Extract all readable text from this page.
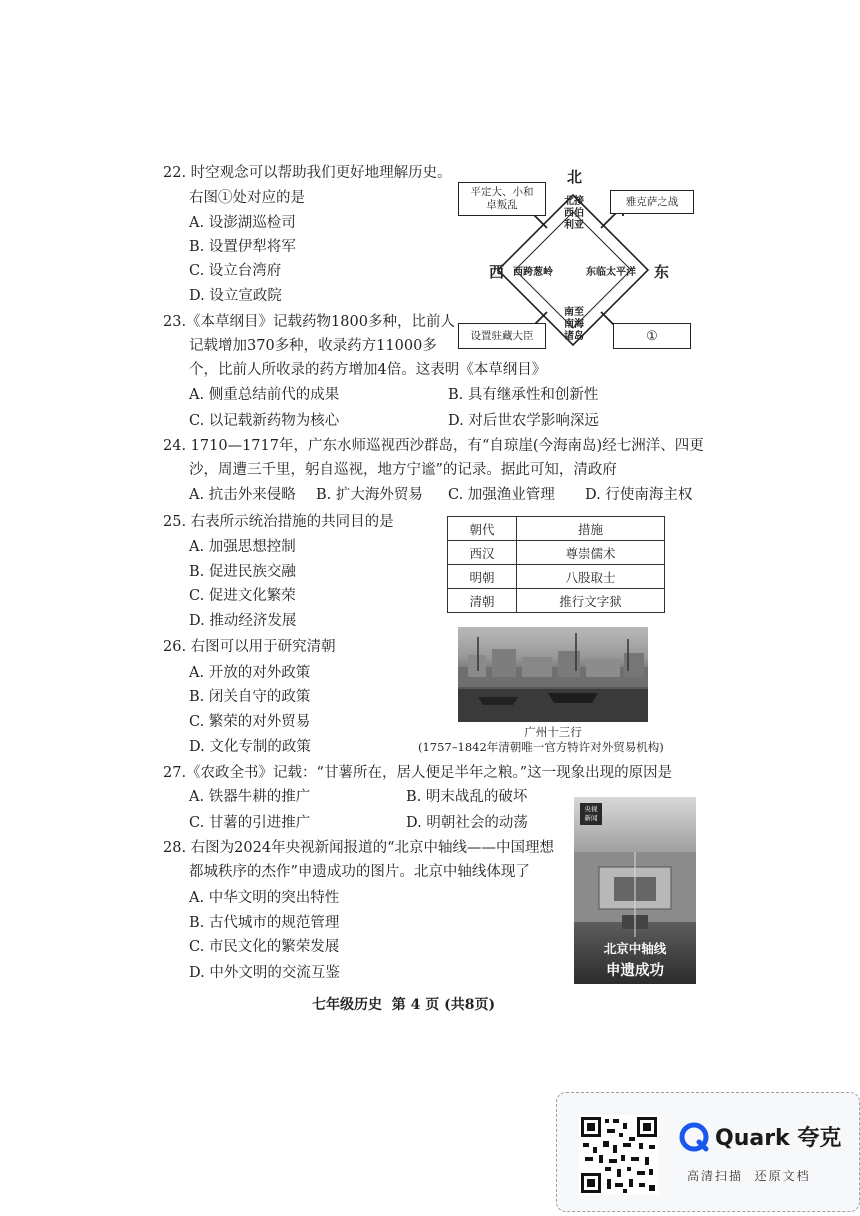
22. 时空观念可以帮助我们更好地理解历史。
右图①处对应的是
A. 设澎湖巡检司
B. 设置伊犁将军
C. 设立台湾府
D. 设立宣政院
北
西	东
北接
西伯
利亚
西跨葱岭	东临太平洋
南至
南海
诸岛
平定大、小和
卓叛乱	雅克萨之战
设置驻藏大臣	①
23.《本草纲目》记载药物1800多种，比前人
记载增加370多种，收录药方11000多
个，比前人所收录的药方增加4倍。这表明《本草纲目》
A. 侧重总结前代的成果	B. 具有继承性和创新性
C. 以记载新药物为核心	D. 对后世农学影响深远
24. 1710—1717年，广东水师巡视西沙群岛，有“自琼崖(今海南岛)经七洲洋、四更
沙，周遭三千里，躬自巡视，地方宁谧”的记录。据此可知，清政府
A. 抗击外来侵略 B. 扩大海外贸易 C. 加强渔业管理 D. 行使南海主权
25. 右表所示统治措施的共同目的是
A. 加强思想控制
B. 促进民族交融
C. 促进文化繁荣
D. 推动经济发展
朝代	措施
西汉	尊崇儒术
明朝	八股取士
清朝	推行文字狱
26. 右图可以用于研究清朝
A. 开放的对外政策
B. 闭关自守的政策
C. 繁荣的对外贸易
D. 文化专制的政策
广州十三行
(1757–1842年清朝唯一官方特许对外贸易机构)
27.《农政全书》记载：“甘薯所在，居人便足半年之粮。”这一现象出现的原因是
A. 铁器牛耕的推广	B. 明末战乱的破坏
C. 甘薯的引进推广	D. 明朝社会的动荡
28. 右图为2024年央视新闻报道的“北京中轴线——中国理想
都城秩序的杰作”申遗成功的图片。北京中轴线体现了
A. 中华文明的突出特性
B. 古代城市的规范管理
C. 市民文化的繁荣发展
D. 中外文明的交流互鉴
央视
新闻
北京中轴线
申遗成功
七年级历史  第 4 页 (共8页)
Quark 夸克
高清扫描  还原文档
